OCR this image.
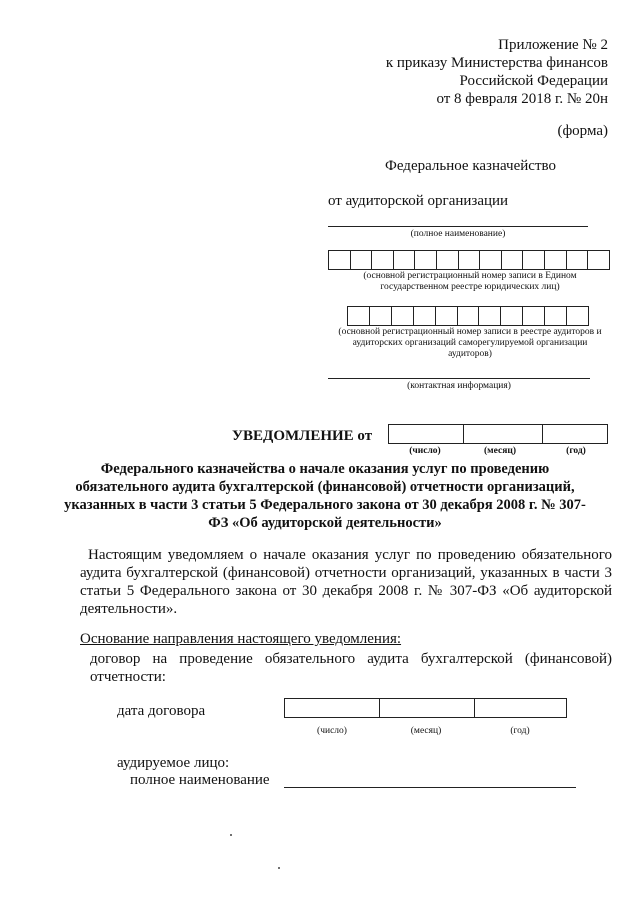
Приложение № 2
к приказу Министерства финансов
Российской Федерации
от 8 февраля 2018 г. № 20н
(форма)
Федеральное казначейство
от аудиторской организации
(полное наименование)
(основной регистрационный номер записи в Едином государственном реестре юридических лиц)
(основной регистрационный номер записи в реестре аудиторов и аудиторских организаций саморегулируемой организации аудиторов)
(контактная информация)
УВЕДОМЛЕНИЕ от
(число)	(месяц)	(год)
Федерального казначейства о начале оказания услуг по проведению обязательного аудита бухгалтерской (финансовой) отчетности организаций, указанных в части 3 статьи 5 Федерального закона от 30 декабря 2008 г. № 307-ФЗ «Об аудиторской деятельности»
Настоящим уведомляем о начале оказания услуг по проведению обязательного аудита бухгалтерской (финансовой) отчетности организаций, указанных в части 3 статьи 5 Федерального закона от 30 декабря 2008 г. № 307-ФЗ «Об аудиторской деятельности».
Основание направления настоящего уведомления:
договор на проведение обязательного аудита бухгалтерской (финансовой) отчетности:
дата договора
(число)	(месяц)	(год)
аудируемое лицо:
полное наименование
